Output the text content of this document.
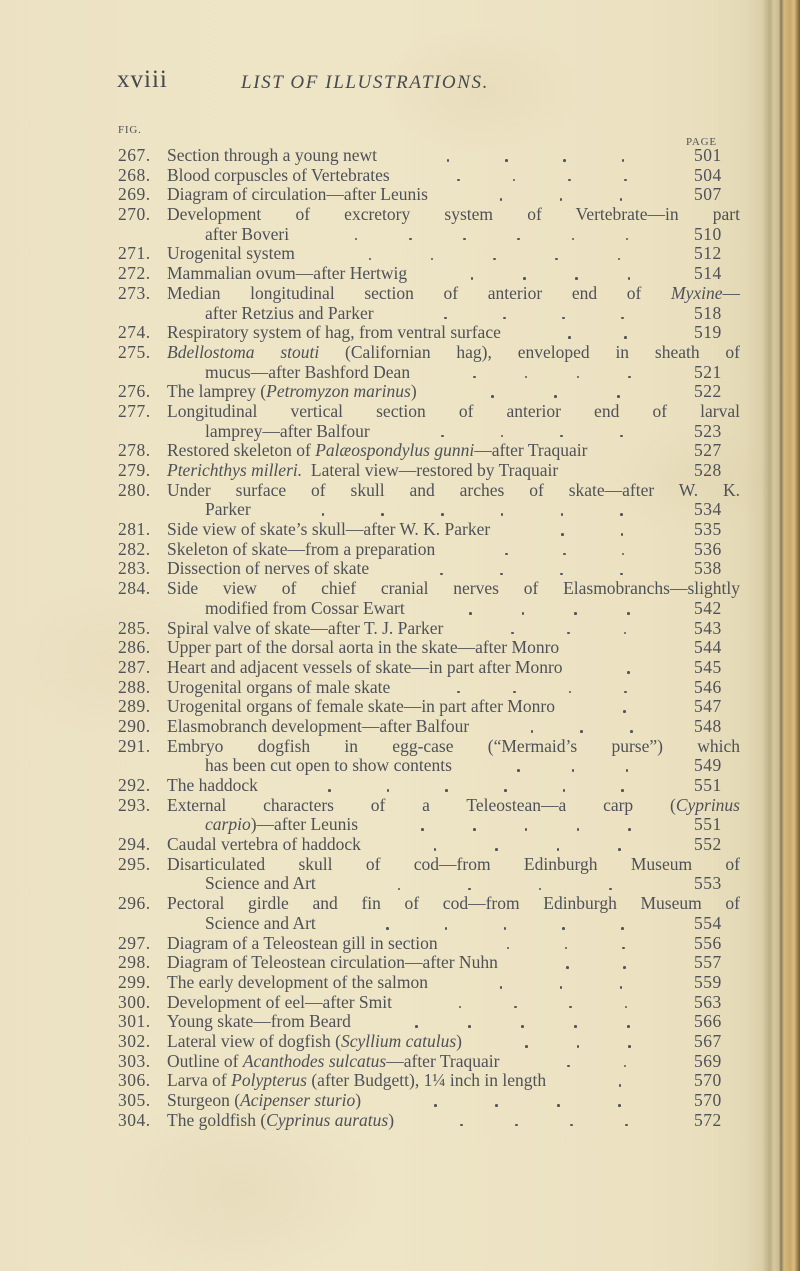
xviii	LIST OF ILLUSTRATIONS.
FIG.
PAGE
267. Section through a young newt	501
268. Blood corpuscles of Vertebrates	504
269. Diagram of circulation—after Leunis	507
270. Development of excretory system of Vertebrate—in part
after Boveri	510
271. Urogenital system	512
272. Mammalian ovum—after Hertwig	514
273. Median longitudinal section of anterior end of Myxine—
after Retzius and Parker	518
274. Respiratory system of hag, from ventral surface	519
275. Bdellostoma stouti (Californian hag), enveloped in sheath of
mucus—after Bashford Dean	521
276. The lamprey (Petromyzon marinus)	522
277. Longitudinal vertical section of anterior end of larval
lamprey—after Balfour	523
278. Restored skeleton of Palæospondylus gunni—after Traquair	527
279. Pterichthys milleri. Lateral view—restored by Traquair	528
280. Under surface of skull and arches of skate—after W. K.
Parker	534
281. Side view of skate’s skull—after W. K. Parker	535
282. Skeleton of skate—from a preparation	536
283. Dissection of nerves of skate	538
284. Side view of chief cranial nerves of Elasmobranchs—slightly
modified from Cossar Ewart	542
285. Spiral valve of skate—after T. J. Parker	543
286. Upper part of the dorsal aorta in the skate—after Monro	544
287. Heart and adjacent vessels of skate—in part after Monro	545
288. Urogenital organs of male skate	546
289. Urogenital organs of female skate—in part after Monro	547
290. Elasmobranch development—after Balfour	548
291. Embryo dogfish in egg-case (“Mermaid’s purse”) which
has been cut open to show contents	549
292. The haddock	551
293. External characters of a Teleostean—a carp (Cyprinus
carpio)—after Leunis	551
294. Caudal vertebra of haddock	552
295. Disarticulated skull of cod—from Edinburgh Museum of
Science and Art	553
296. Pectoral girdle and fin of cod—from Edinburgh Museum of
Science and Art	554
297. Diagram of a Teleostean gill in section	556
298. Diagram of Teleostean circulation—after Nuhn	557
299. The early development of the salmon	559
300. Development of eel—after Smit	563
301. Young skate—from Beard	566
302. Lateral view of dogfish (Scyllium catulus)	567
303. Outline of Acanthodes sulcatus—after Traquair	569
306. Larva of Polypterus (after Budgett), 1¼ inch in length	570
305. Sturgeon (Acipenser sturio)	570
304. The goldfish (Cyprinus auratus)	572
